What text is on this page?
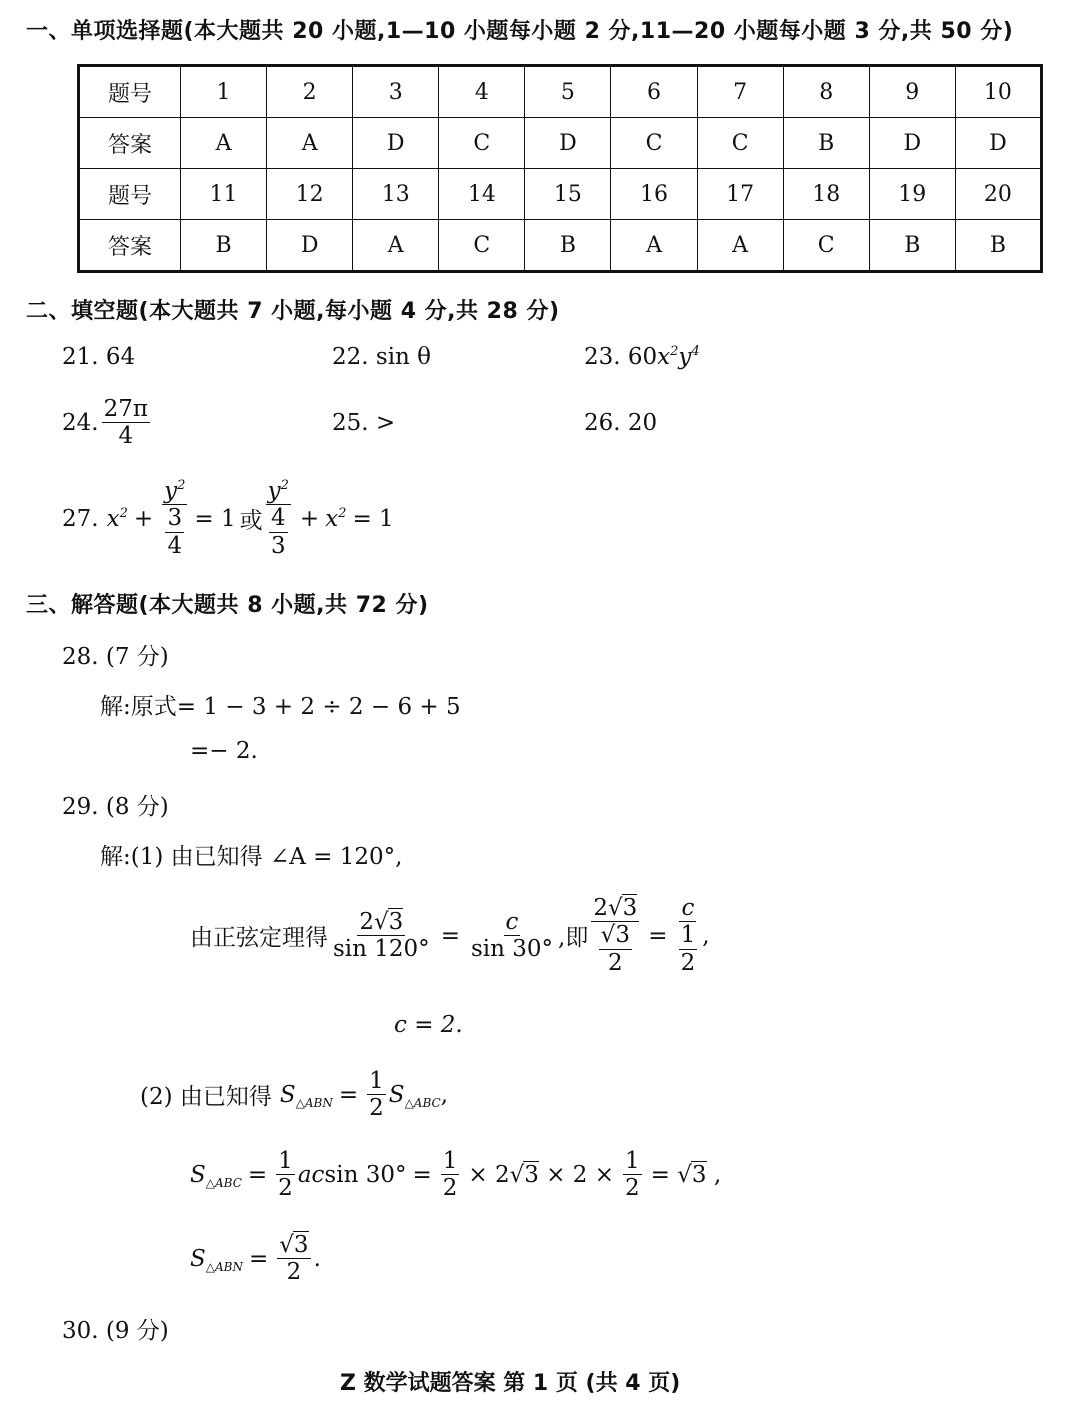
一、单项选择题(本大题共 20 小题,1—10 小题每小题 2 分,11—20 小题每小题 3 分,共 50 分)
题号	1	2	3	4	5	6	7	8	9	10
答案	A	A	D	C	D	C	C	B	D	D
题号	11	12	13	14	15	16	17	18	19	20
答案	B	D	A	C	B	A	A	C	B	B
二、填空题(本大题共 7 小题,每小题 4 分,共 28 分)
21. 64	22. sin θ	23. $60x^2y^4$
24. $\frac{27\pi}{4}$	25. >	26. 20
27. $x^2 + \frac{y^2}{\frac{3}{4}} = 1$ 或 $\frac{y^2}{\frac{4}{3}} + x^2 = 1$
三、解答题(本大题共 8 小题,共 72 分)
28. (7 分)
解:原式= 1 − 3 + 2 ÷ 2 − 6 + 5
=− 2.
29. (8 分)
解:(1) 由已知得 ∠A = 120°,
由正弦定理得 $\frac{2√3}{\sin 120^\circ} = \frac{c}{\sin 30^\circ}$ ,即 $\frac{2√3}{\frac{√3}{2}} = \frac{c}{\frac{1}{2}}$ ,
c = 2.
(2) 由已知得 $S_{\triangle ABN} = \frac{1}{2} S_{\triangle ABC}$ ,
$S_{\triangle ABC} = \frac{1}{2}$ acsin $30^\circ = \frac{1}{2} \times 2√3 \times 2 \times \frac{1}{2} = √3$ ,
$S_{\triangle ABN} = \frac{√3}{2}$ .
30. (9 分)
Z 数学试题答案 第 1 页 (共 4 页)
